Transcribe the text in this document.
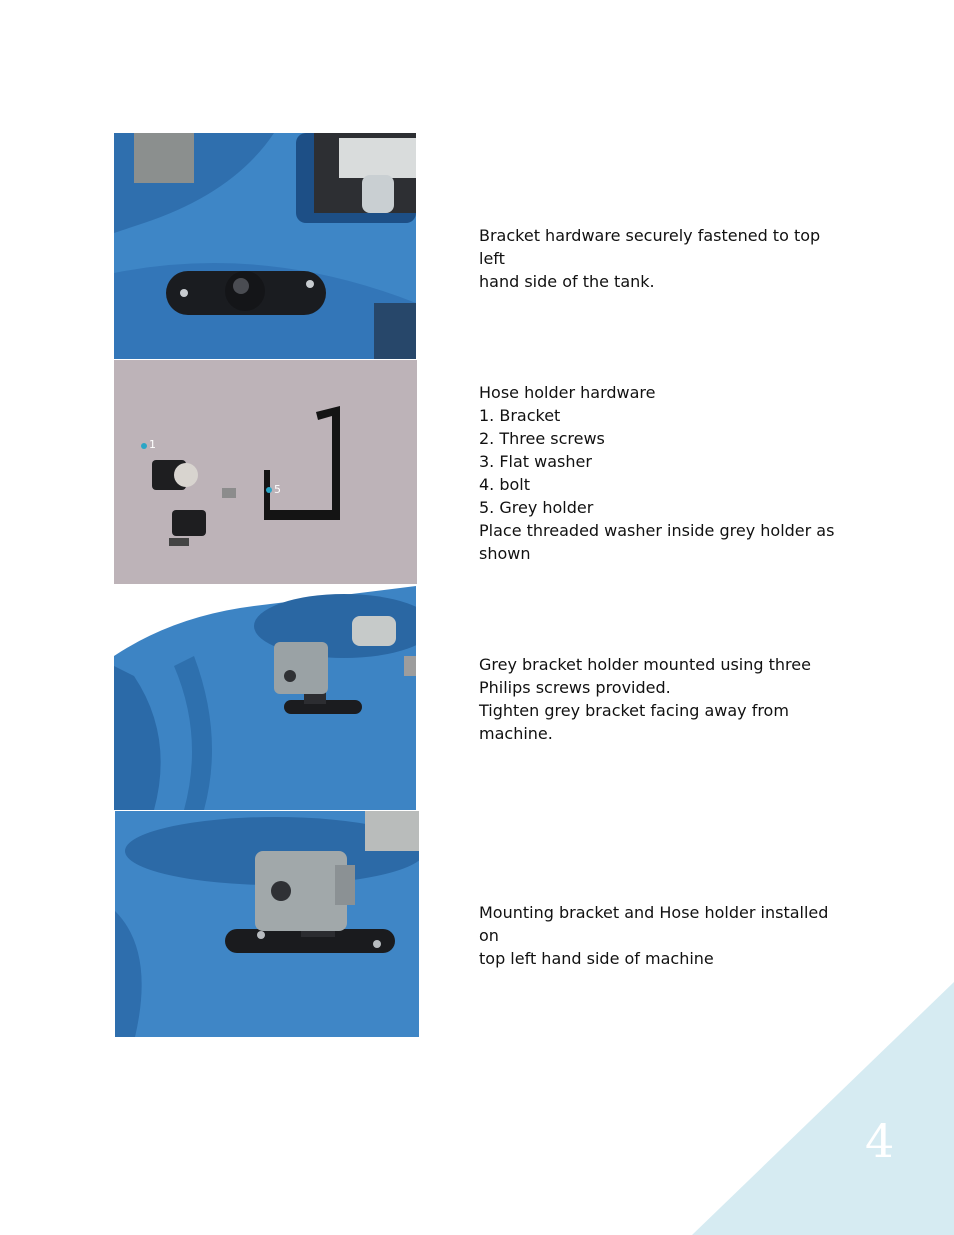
1
5
Bracket hardware securely fastened to top left
hand side of the tank.
Hose holder hardware
1. Bracket
2. Three screws
3. Flat washer
4. bolt
5. Grey holder
Place threaded washer inside grey holder as
shown
Grey bracket holder mounted using three
Philips screws provided.
Tighten grey bracket facing away from
machine.
Mounting bracket and Hose holder installed on
top left hand side of machine
4
